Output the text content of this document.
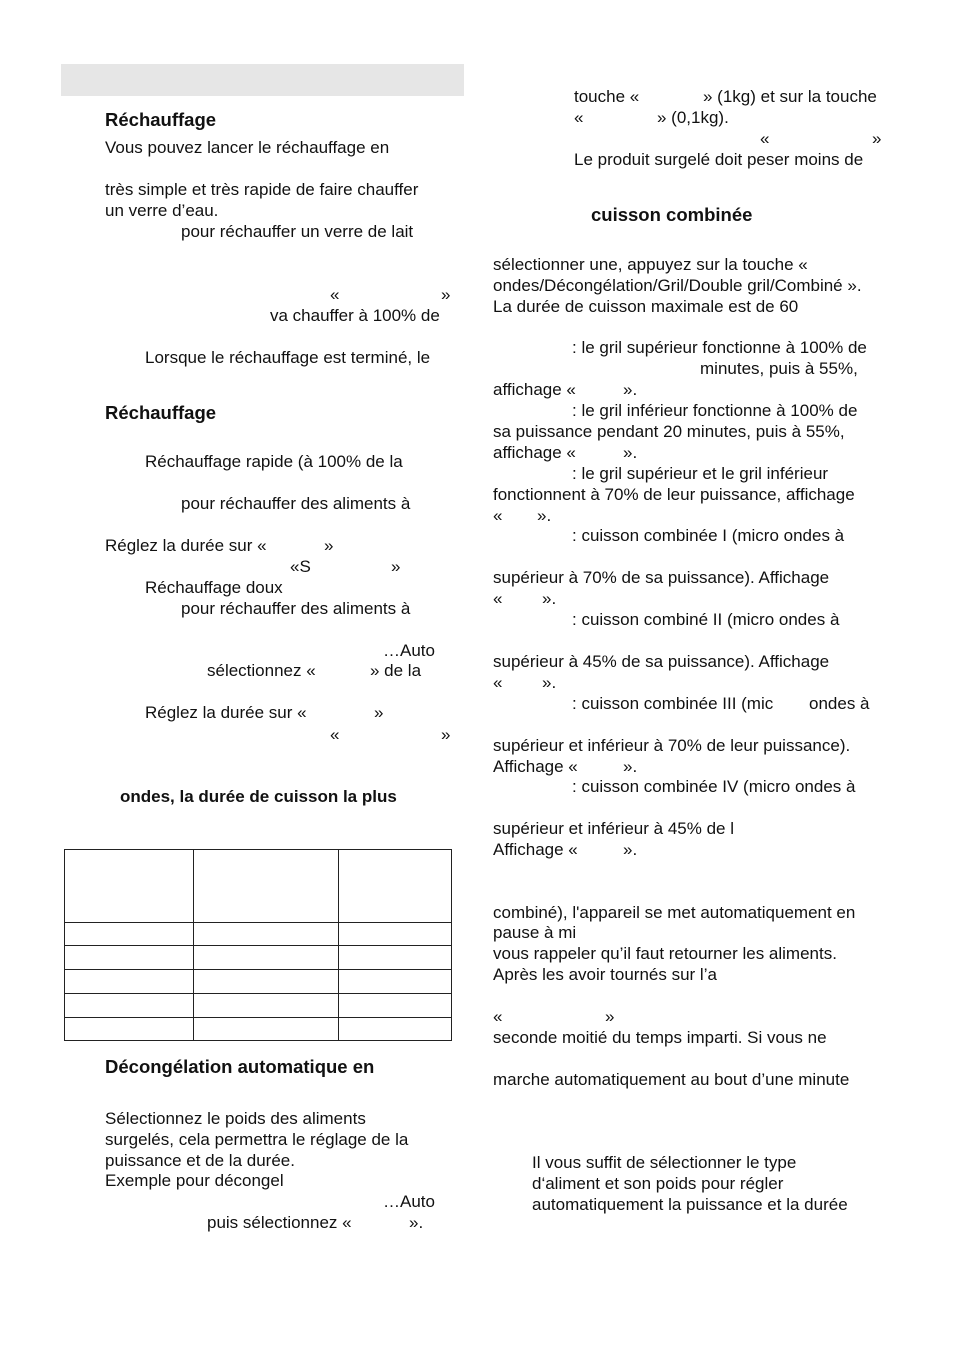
Réchauffage
Vous pouvez lancer le réchauffage en
très simple et très rapide de faire chauffer
un verre d’eau.
pour réchauffer un verre de lait
«	»
va chauffer à 100% de
Lorsque le réchauffage est terminé, le
Réchauffage
Réchauffage rapide (à 100% de la
pour réchauffer des aliments à
Réglez la durée sur «	»
«S	»
Réchauffage doux
pour réchauffer des aliments à
…Auto
sélectionnez «	» de la
Réglez la durée sur «	»
«	»
ondes, la durée de cuisson la plus

Décongélation automatique en
Sélectionnez le poids des aliments
surgelés, cela permettra le réglage de la
puissance et de la durée.
Exemple pour décongel
…Auto
puis sélectionnez «	».
touche «	» (1kg) et sur la touche
«	» (0,1kg).
«	»
Le produit surgelé doit peser moins de
cuisson combinée
sélectionner une, appuyez sur la touche «
ondes/Décongélation/Gril/Double gril/Combiné ».
La durée de cuisson maximale est de 60
: le gril supérieur fonctionne à 100% de
minutes, puis à 55%,
affichage «	».
: le gril inférieur fonctionne à 100% de
sa puissance pendant 20 minutes, puis à 55%,
affichage «	».
: le gril supérieur et le gril inférieur
fonctionnent à 70% de leur puissance, affichage
« ».
: cuisson combinée I (micro ondes à
supérieur à 70% de sa puissance). Affichage
« ».
: cuisson combiné II (micro ondes à
supérieur à 45% de sa puissance). Affichage
« ».
: cuisson combinée III (mic ondes à
supérieur et inférieur à 70% de leur puissance).
Affichage «	».
: cuisson combinée IV (micro ondes à
supérieur et inférieur à 45% de l
Affichage «	».
combiné), l'appareil se met automatiquement en
pause à mi
vous rappeler qu’il faut retourner les aliments.
Après les avoir tournés sur l’a
«	»
seconde moitié du temps imparti. Si vous ne
marche automatiquement au bout d’une minute
Il vous suffit de sélectionner le type
d‘aliment et son poids pour régler
automatiquement la puissance et la durée
